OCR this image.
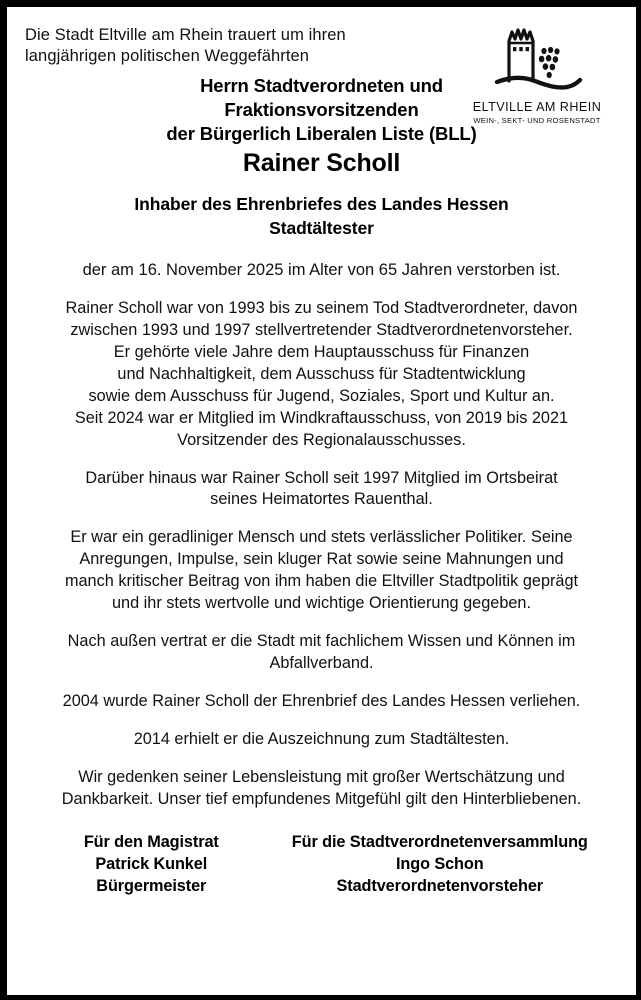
Die Stadt Eltville am Rhein trauert um ihren
langjährigen politischen Weggefährten
ELTVILLE AM RHEIN
WEIN-, SEKT- UND ROSENSTADT
Herrn Stadtverordneten und
Fraktionsvorsitzenden
der Bürgerlich Liberalen Liste (BLL)
Rainer Scholl
Inhaber des Ehrenbriefes des Landes Hessen
Stadtältester
der am 16. November 2025 im Alter von 65 Jahren verstorben ist.
Rainer Scholl war von 1993 bis zu seinem Tod Stadtverordneter, davon
zwischen 1993 und 1997 stellvertretender Stadtverordnetenvorsteher.
Er gehörte viele Jahre dem Hauptausschuss für Finanzen
und Nachhaltigkeit, dem Ausschuss für Stadtentwicklung
sowie dem Ausschuss für Jugend, Soziales, Sport und Kultur an.
Seit 2024 war er Mitglied im Windkraftausschuss, von 2019 bis 2021
Vorsitzender des Regionalausschusses.
Darüber hinaus war Rainer Scholl seit 1997 Mitglied im Ortsbeirat
seines Heimatortes Rauenthal.
Er war ein geradliniger Mensch und stets verlässlicher Politiker. Seine
Anregungen, Impulse, sein kluger Rat sowie seine Mahnungen und
manch kritischer Beitrag von ihm haben die Eltviller Stadtpolitik geprägt
und ihr stets wertvolle und wichtige Orientierung gegeben.
Nach außen vertrat er die Stadt mit fachlichem Wissen und Können im
Abfallverband.
2004 wurde Rainer Scholl der Ehrenbrief des Landes Hessen verliehen.
2014 erhielt er die Auszeichnung zum Stadtältesten.
Wir gedenken seiner Lebensleistung mit großer Wertschätzung und
Dankbarkeit. Unser tief empfundenes Mitgefühl gilt den Hinterbliebenen.
Für den Magistrat
Patrick Kunkel
Bürgermeister
Für die Stadtverordnetenversammlung
Ingo Schon
Stadtverordnetenvorsteher
